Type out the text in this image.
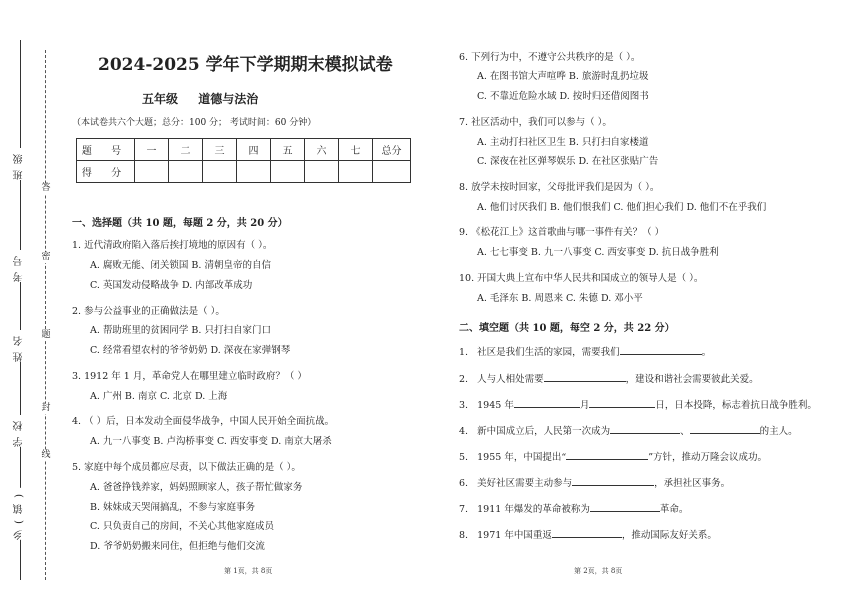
班级
考号
姓名
学校
乡(镇)
答
密
题
封
线
2024-2025 学年下学期期末模拟试卷
五年级 道德与法治
（本试卷共六个大题；总分：100 分； 考试时间：60 分钟）
题 号	一	二	三	四	五	六	七	总分
得 分								
一、选择题（共 10 题，每题 2 分，共 20 分）
1. 近代清政府陷入落后挨打境地的原因有（ ）。
A. 腐败无能、闭关锁国 B. 清朝皇帝的自信
C. 英国发动侵略战争 D. 内部改革成功
2. 参与公益事业的正确做法是（ ）。
A. 帮助班里的贫困同学 B. 只打扫自家门口
C. 经常看望农村的爷爷奶奶 D. 深夜在家弹钢琴
3. 1912 年 1 月，革命党人在哪里建立临时政府？（ ）
A. 广州 B. 南京 C. 北京 D. 上海
4. （ ）后，日本发动全面侵华战争，中国人民开始全面抗战。
A. 九一八事变 B. 卢沟桥事变 C. 西安事变 D. 南京大屠杀
5. 家庭中每个成员都应尽责，以下做法正确的是（ ）。
A. 爸爸挣钱养家，妈妈照顾家人，孩子帮忙做家务
B. 妹妹成天哭闹搞乱，不参与家庭事务
C. 只负责自己的房间，不关心其他家庭成员
D. 爷爷奶奶搬来同住，但拒绝与他们交流
6. 下列行为中，不遵守公共秩序的是（ ）。
A. 在图书馆大声喧哗 B. 旅游时乱扔垃圾
C. 不靠近危险水域 D. 按时归还借阅图书
7. 社区活动中，我们可以参与（ ）。
A. 主动打扫社区卫生 B. 只打扫自家楼道
C. 深夜在社区弹琴娱乐 D. 在社区张贴广告
8. 放学未按时回家，父母批评我们是因为（ ）。
A. 他们讨厌我们 B. 他们恨我们 C. 他们担心我们 D. 他们不在乎我们
9. 《松花江上》这首歌曲与哪一事件有关？（ ）
A. 七七事变 B. 九一八事变 C. 西安事变 D. 抗日战争胜利
10. 开国大典上宣布中华人民共和国成立的领导人是（ ）。
A. 毛泽东 B. 周恩来 C. 朱德 D. 邓小平
二、填空题（共 10 题，每空 2 分，共 22 分）
1. 社区是我们生活的家园，需要我们	。
2. 人与人相处需要	，建设和谐社会需要彼此关爱。
3. 1945 年	月	日，日本投降，标志着抗日战争胜利。
4. 新中国成立后，人民第一次成为	、	的主人。
5. 1955 年，中国提出“	”方针，推动万隆会议成功。
6. 美好社区需要主动参与	，承担社区事务。
7. 1911 年爆发的革命被称为	革命。
8. 1971 年中国重返	，推动国际友好关系。
第 1页，共 8页	第 2页，共 8页
